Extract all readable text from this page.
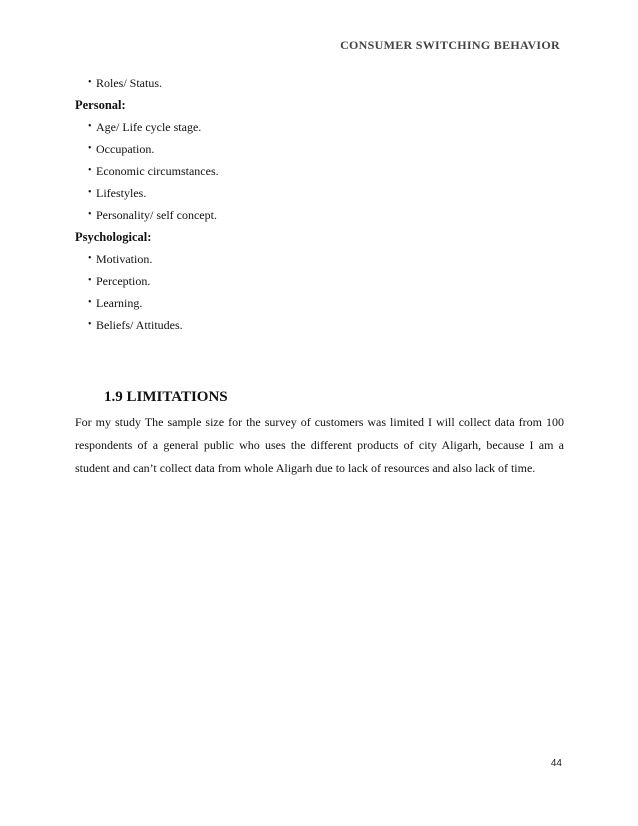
CONSUMER SWITCHING BEHAVIOR
• Roles/ Status.
Personal:
• Age/ Life cycle stage.
• Occupation.
• Economic circumstances.
• Lifestyles.
• Personality/ self concept.
Psychological:
• Motivation.
• Perception.
• Learning.
• Beliefs/ Attitudes.
1.9 LIMITATIONS

For my study The sample size for the survey of customers was limited I will collect data from 100 respondents of a general public who uses the different products of city Aligarh, because I am a student and can’t collect data from whole Aligarh due to lack of resources and also lack of time.

44
